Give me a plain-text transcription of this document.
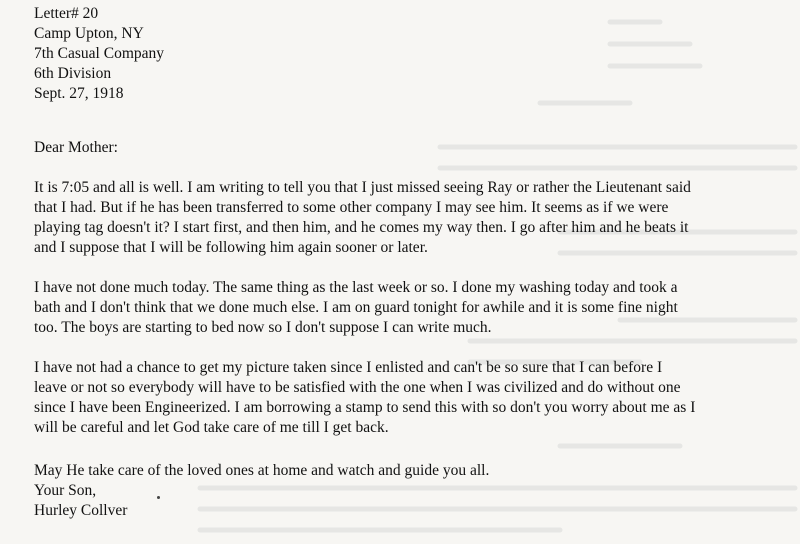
Letter# 20
Camp Upton, NY
7th Casual Company
6th Division
Sept. 27, 1918
Dear Mother:
It is 7:05 and all is well. I am writing to tell you that I just missed seeing Ray or rather the Lieutenant said
that I had. But if he has been transferred to some other company I may see him. It seems as if we were
playing tag doesn't it? I start first, and then him, and he comes my way then. I go after him and he beats it
and I suppose that I will be following him again sooner or later.
I have not done much today. The same thing as the last week or so. I done my washing today and took a
bath and I don't think that we done much else. I am on guard tonight for awhile and it is some fine night
too. The boys are starting to bed now so I don't suppose I can write much.
I have not had a chance to get my picture taken since I enlisted and can't be so sure that I can before I
leave or not so everybody will have to be satisfied with the one when I was civilized and do without one
since I have been Engineerized. I am borrowing a stamp to send this with so don't you worry about me as I
will be careful and let God take care of me till I get back.
May He take care of the loved ones at home and watch and guide you all.
Your Son,
Hurley Collver
